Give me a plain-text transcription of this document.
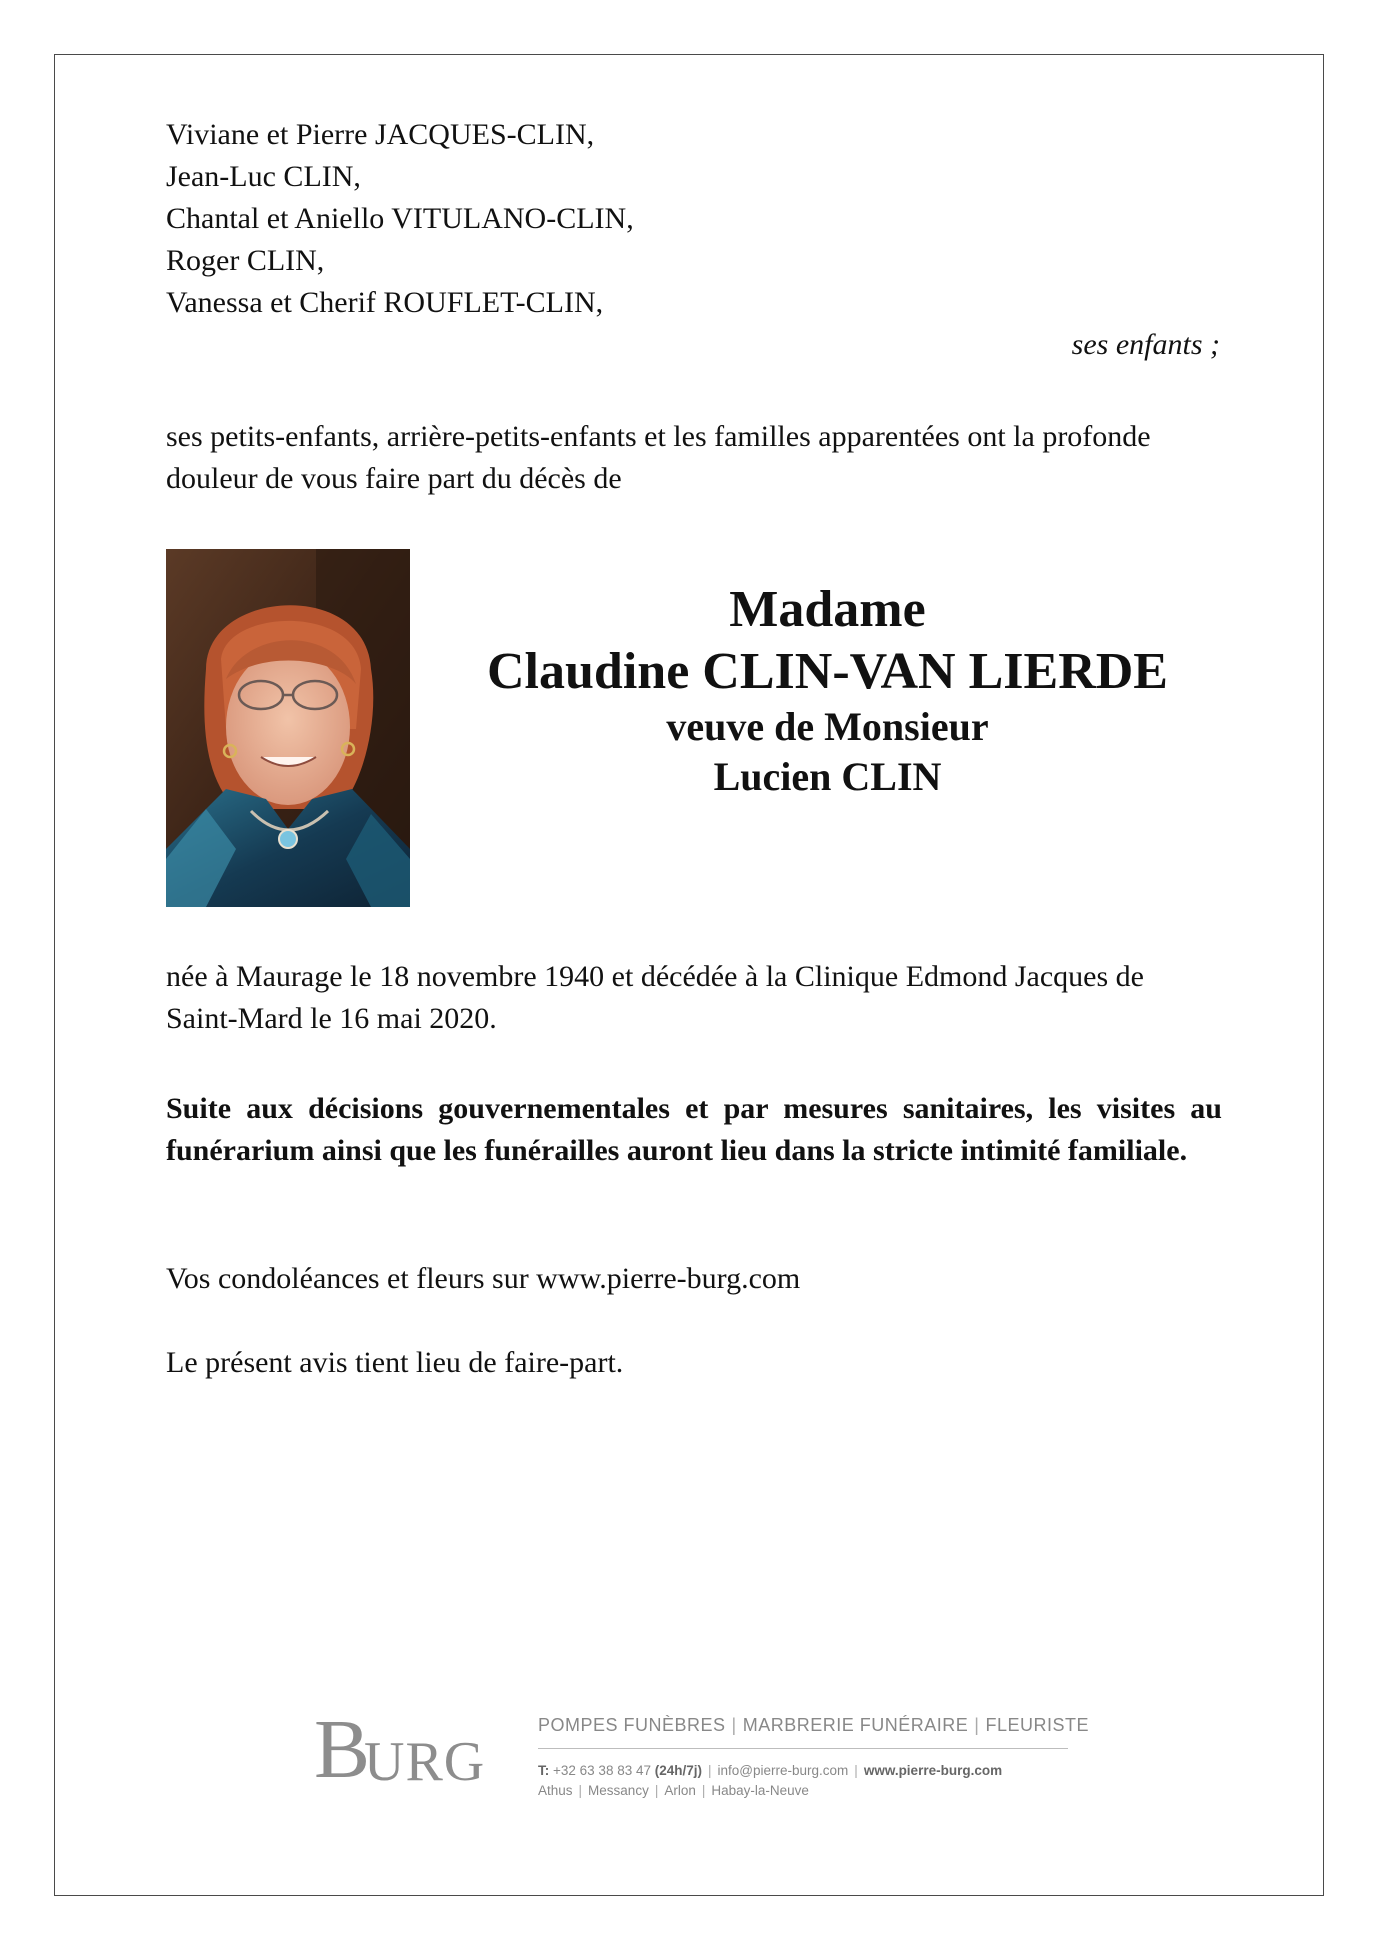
Viviane et Pierre JACQUES-CLIN,
Jean-Luc CLIN,
Chantal et Aniello VITULANO-CLIN,
Roger CLIN,
Vanessa et Cherif ROUFLET-CLIN,
ses enfants ;
ses petits-enfants, arrière-petits-enfants et les familles apparentées ont la profonde douleur de vous faire part du décès de
Madame
Claudine CLIN-VAN LIERDE
veuve de Monsieur
Lucien CLIN
née à Maurage le 18 novembre 1940 et décédée à la Clinique Edmond Jacques de Saint-Mard le 16 mai 2020.
Suite aux décisions gouvernementales et par mesures sanitaires, les visites au funérarium ainsi que les funérailles auront lieu dans la stricte intimité familiale.
Vos condoléances et fleurs sur www.pierre-burg.com
Le présent avis tient lieu de faire-part.
B
URG
POMPES FUNÈBRES | MARBRERIE FUNÉRAIRE | FLEURISTE
T: +32 63 38 83 47 (24h/7j) | info@pierre-burg.com | www.pierre-burg.com
Athus | Messancy | Arlon | Habay-la-Neuve
